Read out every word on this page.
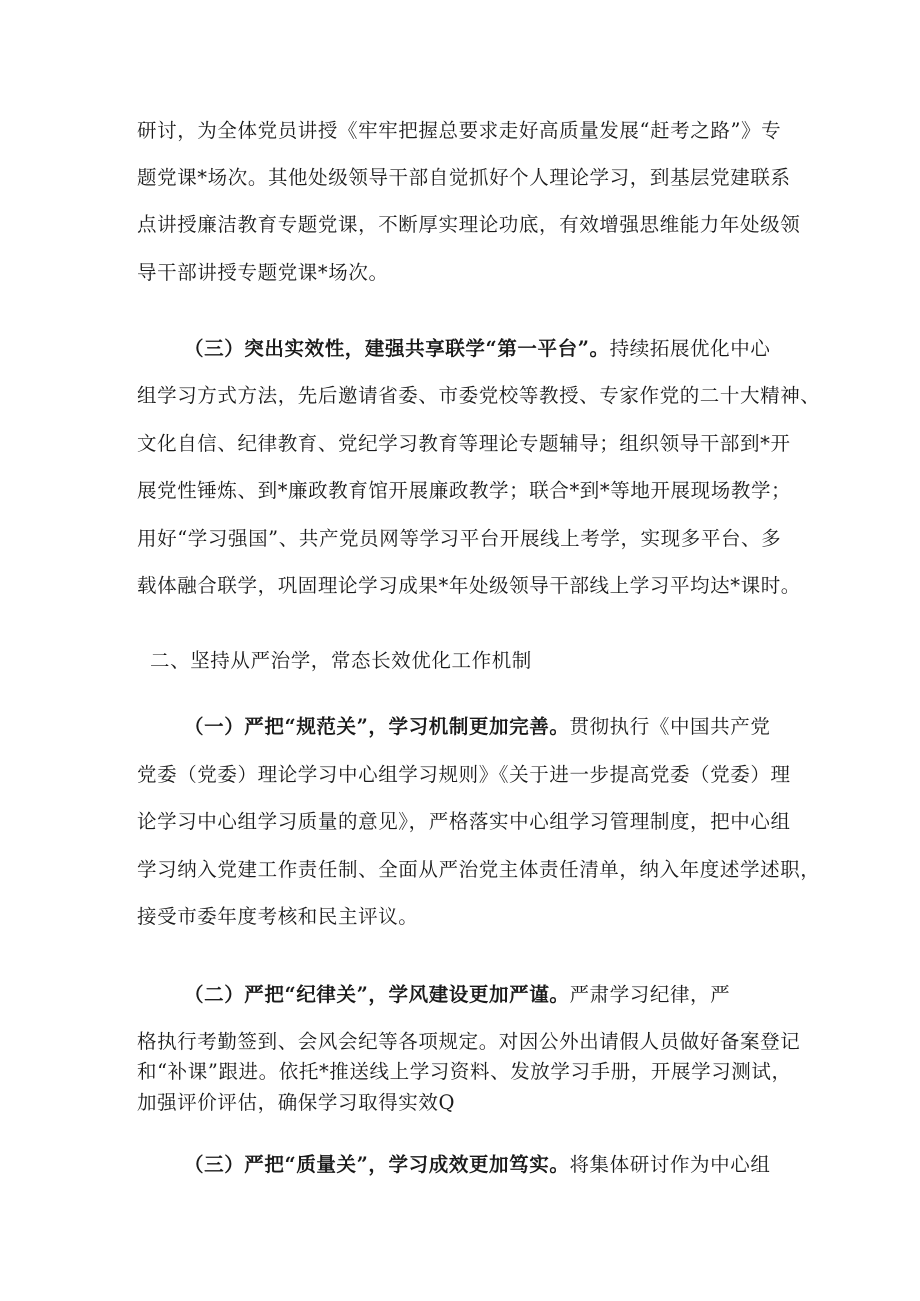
研讨，为全体党员讲授《牢牢把握总要求走好高质量发展“赶考之路”》专
题党课*场次。其他处级领导干部自觉抓好个人理论学习，到基层党建联系
点讲授廉洁教育专题党课，不断厚实理论功底，有效增强思维能力年处级领
导干部讲授专题党课*场次。
（三）突出实效性，建强共享联学“第一平台”。持续拓展优化中心
组学习方式方法，先后邀请省委、市委党校等教授、专家作党的二十大精神、
文化自信、纪律教育、党纪学习教育等理论专题辅导；组织领导干部到*开
展党性锤炼、到*廉政教育馆开展廉政教学；联合*到*等地开展现场教学；
用好“学习强国”、共产党员网等学习平台开展线上考学，实现多平台、多
载体融合联学，巩固理论学习成果*年处级领导干部线上学习平均达*课时。
二、坚持从严治学，常态长效优化工作机制
（一）严把“规范关”，学习机制更加完善。贯彻执行《中国共产党
党委（党委）理论学习中心组学习规则》《关于进一步提高党委（党委）理
论学习中心组学习质量的意见》，严格落实中心组学习管理制度，把中心组
学习纳入党建工作责任制、全面从严治党主体责任清单，纳入年度述学述职，
接受市委年度考核和民主评议。
（二）严把“纪律关”，学风建设更加严谨。严肃学习纪律，严
格执行考勤签到、会风会纪等各项规定。对因公外出请假人员做好备案登记
和“补课”跟进。依托*推送线上学习资料、发放学习手册，开展学习测试，
加强评价评估，确保学习取得实效Q
（三）严把“质量关”，学习成效更加笃实。将集体研讨作为中心组
